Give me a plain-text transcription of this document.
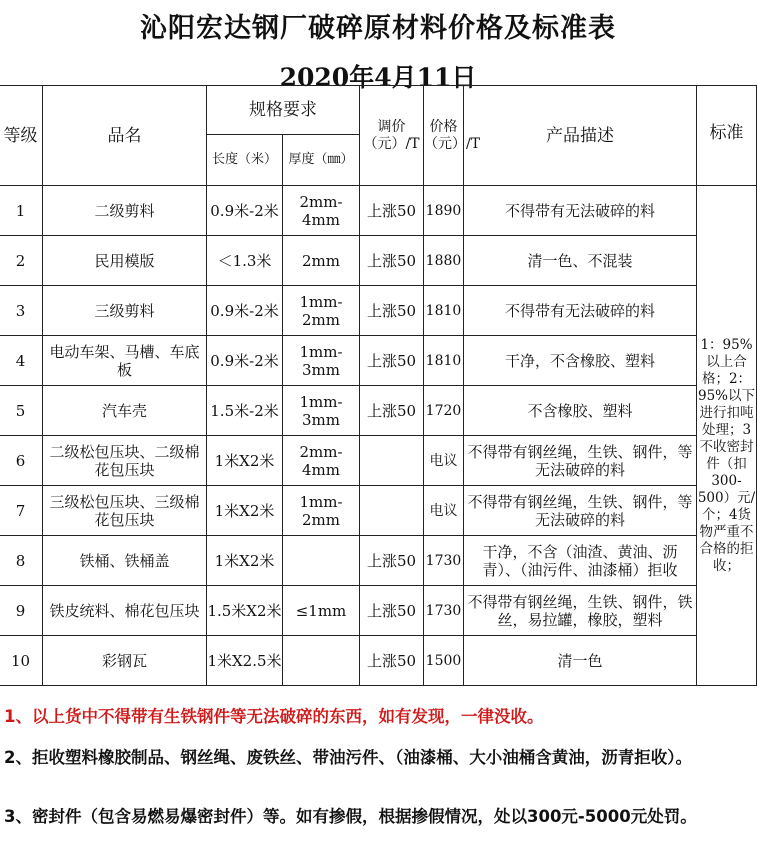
沁阳宏达钢厂破碎原材料价格及标准表
2020年4月11日
等级	品名	规格要求		调价（元）/T	价格（元）/T	产品描述	标准
		长度（米）	厚度（㎜）				
1	二级剪料	0.9米-2米	2mm-4mm	上涨50	1890	不得带有无法破碎的料	1：95%以上合格；2：95%以下进行扣吨处理；3不收密封件（扣300-500）元/个；4货物严重不合格的拒收；
2	民用模版	＜1.3米	2mm	上涨50	1880	清一色、不混装	
3	三级剪料	0.9米-2米	1mm-2mm	上涨50	1810	不得带有无法破碎的料	
4	电动车架、马槽、车底板	0.9米-2米	1mm-3mm	上涨50	1810	干净，不含橡胶、塑料	
5	汽车壳	1.5米-2米	1mm-3mm	上涨50	1720	不含橡胶、塑料	
6	二级松包压块、二级棉花包压块	1米X2米	2mm-4mm		电议	不得带有钢丝绳，生铁、钢件，等无法破碎的料	
7	三级松包压块、三级棉花包压块	1米X2米	1mm-2mm		电议	不得带有钢丝绳，生铁、钢件，等无法破碎的料	
8	铁桶、铁桶盖	1米X2米		上涨50	1730	干净，不含（油渣、黄油、沥青）、（油污件、油漆桶）拒收	
9	铁皮统料、棉花包压块	1.5米X2米	≤1mm	上涨50	1730	不得带有钢丝绳，生铁、钢件，铁丝，易拉罐，橡胶，塑料	
10	彩钢瓦	1米X2.5米		上涨50	1500	清一色	
1、以上货中不得带有生铁钢件等无法破碎的东西，如有发现，一律没收。
2、拒收塑料橡胶制品、钢丝绳、废铁丝、带油污件、（油漆桶、大小油桶含黄油，沥青拒收）。
3、密封件（包含易燃易爆密封件）等。如有掺假，根据掺假情况，处以300元-5000元处罚。
